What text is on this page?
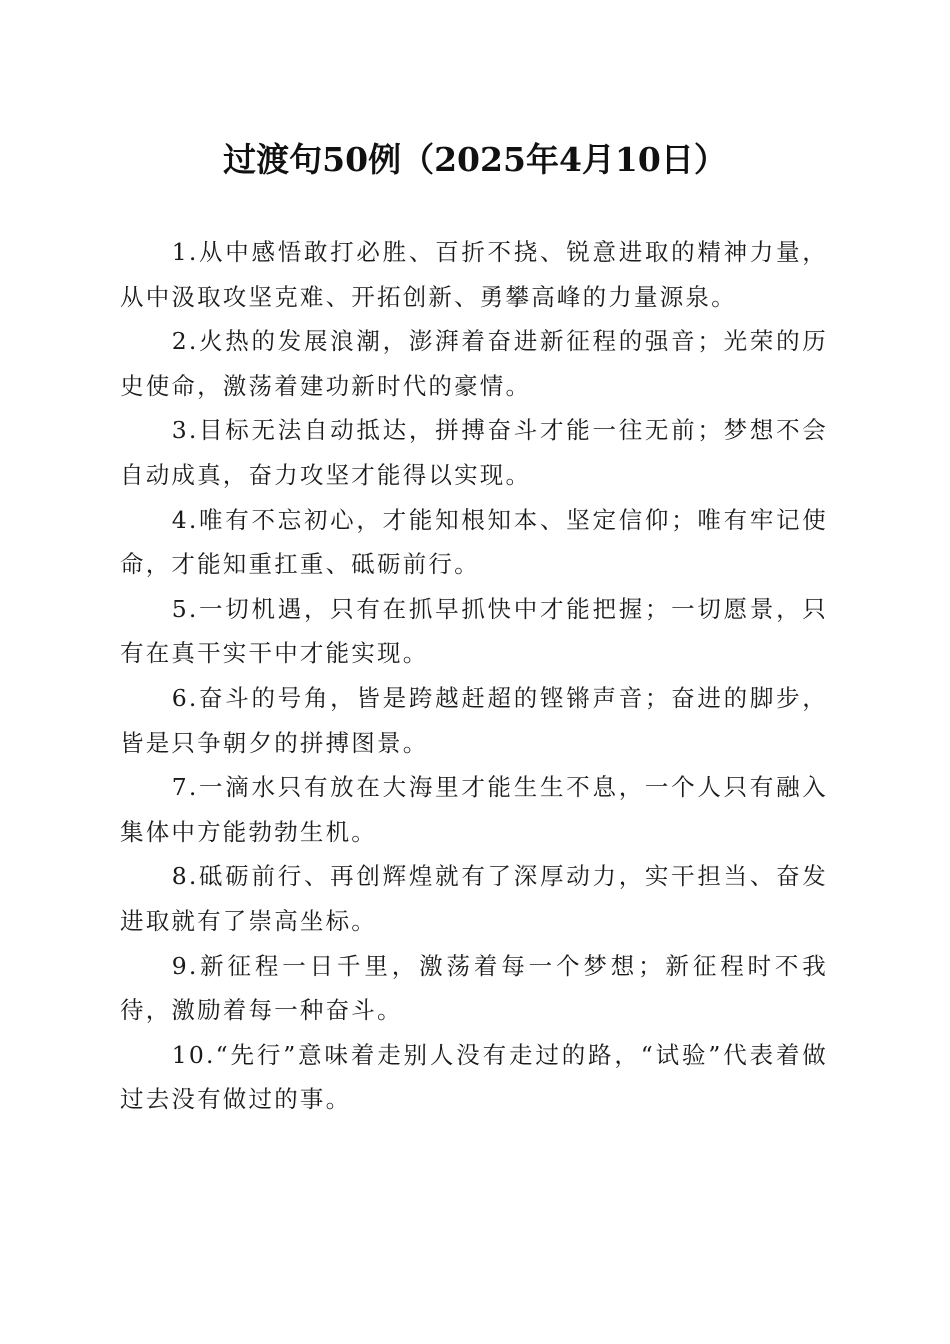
过渡句50例（2025年4月10日）

1.从中感悟敢打必胜、百折不挠、锐意进取的精神力量，从中汲取攻坚克难、开拓创新、勇攀高峰的力量源泉。

2.火热的发展浪潮，澎湃着奋进新征程的强音；光荣的历史使命，激荡着建功新时代的豪情。

3.目标无法自动抵达，拼搏奋斗才能一往无前；梦想不会自动成真，奋力攻坚才能得以实现。

4.唯有不忘初心，才能知根知本、坚定信仰；唯有牢记使命，才能知重扛重、砥砺前行。

5.一切机遇，只有在抓早抓快中才能把握；一切愿景，只有在真干实干中才能实现。

6.奋斗的号角，皆是跨越赶超的铿锵声音；奋进的脚步，皆是只争朝夕的拼搏图景。

7.一滴水只有放在大海里才能生生不息，一个人只有融入集体中方能勃勃生机。

8.砥砺前行、再创辉煌就有了深厚动力，实干担当、奋发进取就有了崇高坐标。

9.新征程一日千里，激荡着每一个梦想；新征程时不我待，激励着每一种奋斗。

10.“先行”意味着走别人没有走过的路，“试验”代表着做过去没有做过的事。
